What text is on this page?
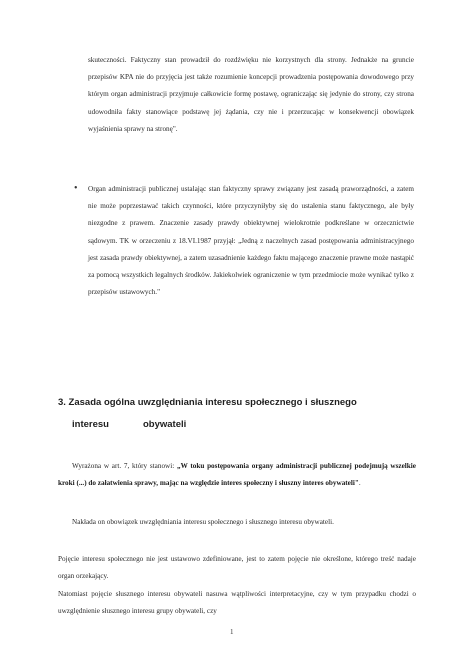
skuteczności. Faktyczny stan prowadził do rozdźwięku nie korzystnych dla strony. Jednakże na gruncie przepisów KPA nie do przyjęcia jest także rozumienie koncepcji prowadzenia postępowania dowodowego przy którym organ administracji przyjmuje całkowicie formę postawę, ograniczając się jedynie do strony, czy strona udowodniła fakty stanowiące podstawę jej żądania, czy nie i przerzucając w konsekwencji obowiązek wyjaśnienia sprawy na stronę".
• Organ administracji publicznej ustalając stan faktyczny sprawy związany jest zasadą praworządności, a zatem nie może poprzestawać takich czynności, które przyczyniłyby się do ustalenia stanu faktycznego, ale były niezgodne z prawem. Znaczenie zasady prawdy obiektywnej wielokrotnie podkreślane w orzecznictwie sądowym. TK w orzeczeniu z 18.VI.1987 przyjął: „Jedną z naczelnych zasad postępowania administracyjnego jest zasada prawdy obiektywnej, a zatem uzasadnienie każdego faktu mającego znaczenie prawne może nastąpić za pomocą wszystkich legalnych środków. Jakiekolwiek ograniczenie w tym przedmiocie może wynikać tylko z przepisów ustawowych."
3. Zasada ogólna uwzględniania interesu społecznego i słusznego
interesu	obywateli
Wyrażona w art. 7, który stanowi: „W toku postępowania organy administracji publicznej podejmują wszelkie kroki (...) do załatwienia sprawy, mając na względzie interes społeczny i słuszny interes obywateli".
Nakłada on obowiązek uwzględniania interesu społecznego i słusznego interesu obywateli.
Pojęcie interesu społecznego nie jest ustawowo zdefiniowane, jest to zatem pojęcie nie określone, którego treść nadaje organ orzekający.
Natomiast pojęcie słusznego interesu obywateli nasuwa wątpliwości interpretacyjne, czy w tym przypadku chodzi o uwzględnienie słusznego interesu grupy obywateli, czy
1
